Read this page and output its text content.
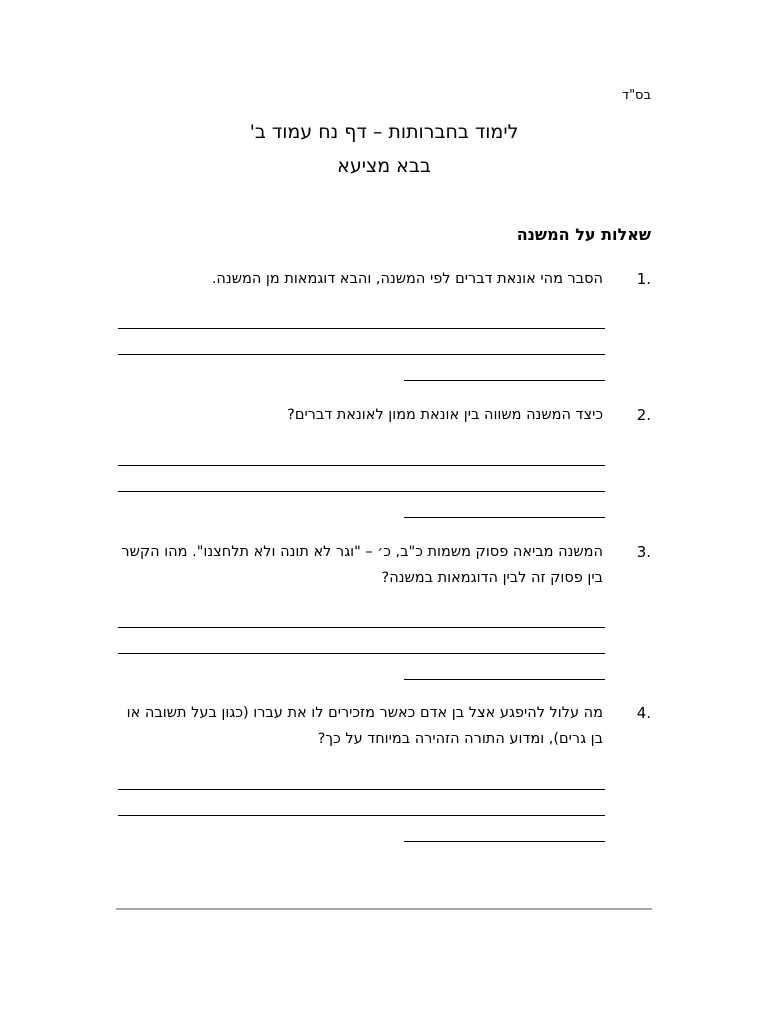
בס"ד
לימוד בחברותות – דף נח עמוד ב'
בבא מציעא
שאלות על המשנה
1.
הסבר מהי אונאת דברים לפי המשנה, והבא דוגמאות מן המשנה.
2.
כיצד המשנה משווה בין אונאת ממון לאונאת דברים?
3.
המשנה מביאה פסוק משמות כ"ב, כ׳ – "וגר לא תונה ולא תלחצנו". מהו הקשר בין פסוק זה לבין הדוגמאות במשנה?
4.
מה עלול להיפגע אצל בן אדם כאשר מזכירים לו את עברו (כגון בעל תשובה או בן גרים), ומדוע התורה הזהירה במיוחד על כך?
